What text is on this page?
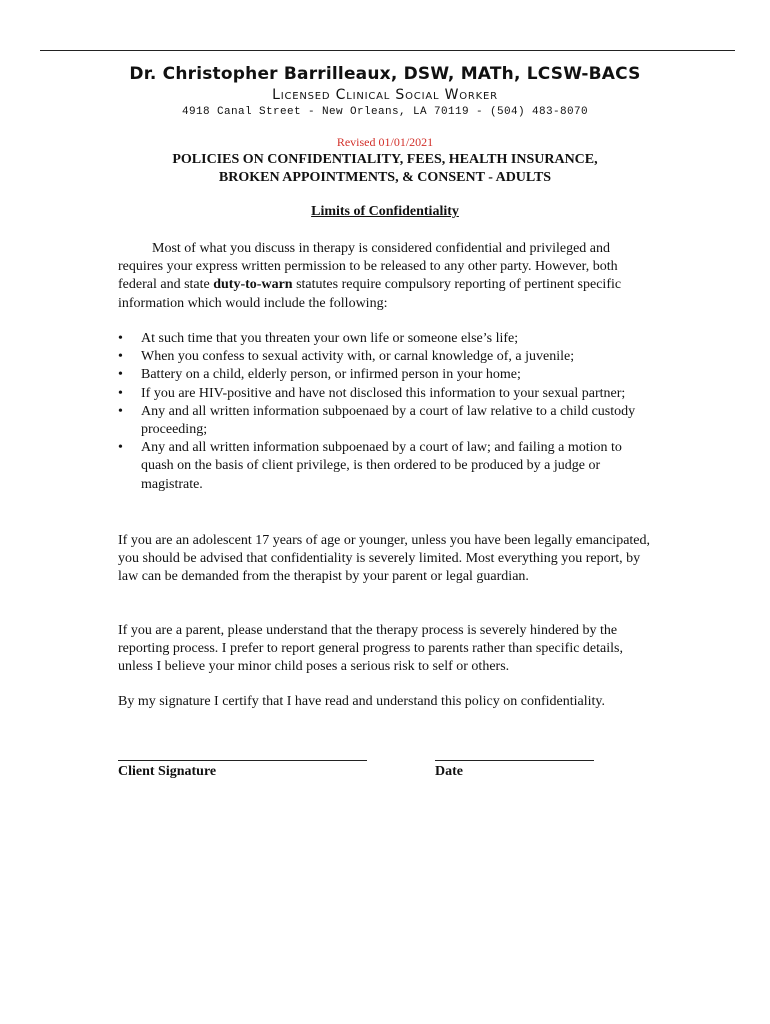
Dr. Christopher Barrilleaux, DSW, MATh, LCSW-BACS
Licensed Clinical Social Worker
4918 Canal Street - New Orleans, LA 70119 - (504) 483-8070
Revised 01/01/2021
POLICIES ON CONFIDENTIALITY, FEES, HEALTH INSURANCE,
BROKEN APPOINTMENTS, & CONSENT - ADULTS
Limits of Confidentiality
Most of what you discuss in therapy is considered confidential and privileged and requires your express written permission to be released to any other party. However, both federal and state duty-to-warn statutes require compulsory reporting of pertinent specific information which would include the following:
• At such time that you threaten your own life or someone else’s life;
• When you confess to sexual activity with, or carnal knowledge of, a juvenile;
• Battery on a child, elderly person, or infirmed person in your home;
• If you are HIV-positive and have not disclosed this information to your sexual partner;
• Any and all written information subpoenaed by a court of law relative to a child custody proceeding;
• Any and all written information subpoenaed by a court of law; and failing a motion to quash on the basis of client privilege, is then ordered to be produced by a judge or magistrate.
If you are an adolescent 17 years of age or younger, unless you have been legally emancipated, you should be advised that confidentiality is severely limited. Most everything you report, by law can be demanded from the therapist by your parent or legal guardian.
If you are a parent, please understand that the therapy process is severely hindered by the reporting process. I prefer to report general progress to parents rather than specific details, unless I believe your minor child poses a serious risk to self or others.
By my signature I certify that I have read and understand this policy on confidentiality.
Client Signature	Date
